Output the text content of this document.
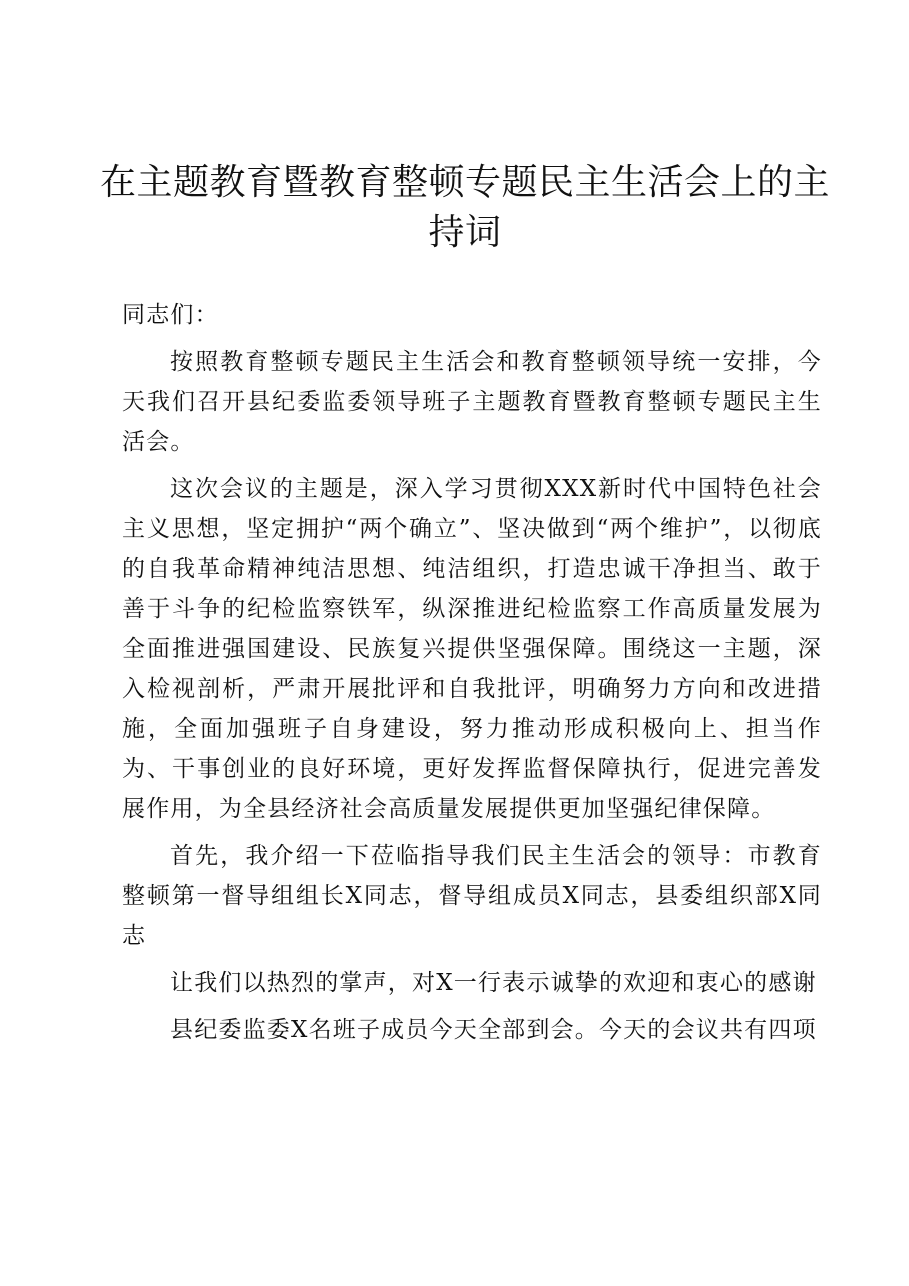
在主题教育暨教育整顿专题民主生活会上的主持词

同志们：

按照教育整顿专题民主生活会和教育整顿领导统一安排，今天我们召开县纪委监委领导班子主题教育暨教育整顿专题民主生活会。

这次会议的主题是，深入学习贯彻XXX新时代中国特色社会主义思想，坚定拥护“两个确立”、坚决做到“两个维护”，以彻底的自我革命精神纯洁思想、纯洁组织，打造忠诚干净担当、敢于善于斗争的纪检监察铁军，纵深推进纪检监察工作高质量发展为全面推进强国建设、民族复兴提供坚强保障。围绕这一主题，深入检视剖析，严肃开展批评和自我批评，明确努力方向和改进措施，全面加强班子自身建设，努力推动形成积极向上、担当作为、干事创业的良好环境，更好发挥监督保障执行，促进完善发展作用，为全县经济社会高质量发展提供更加坚强纪律保障。

首先，我介绍一下莅临指导我们民主生活会的领导：市教育整顿第一督导组组长X同志，督导组成员X同志，县委组织部X同志

让我们以热烈的掌声，对X一行表示诚挚的欢迎和衷心的感谢

县纪委监委X名班子成员今天全部到会。今天的会议共有四项
